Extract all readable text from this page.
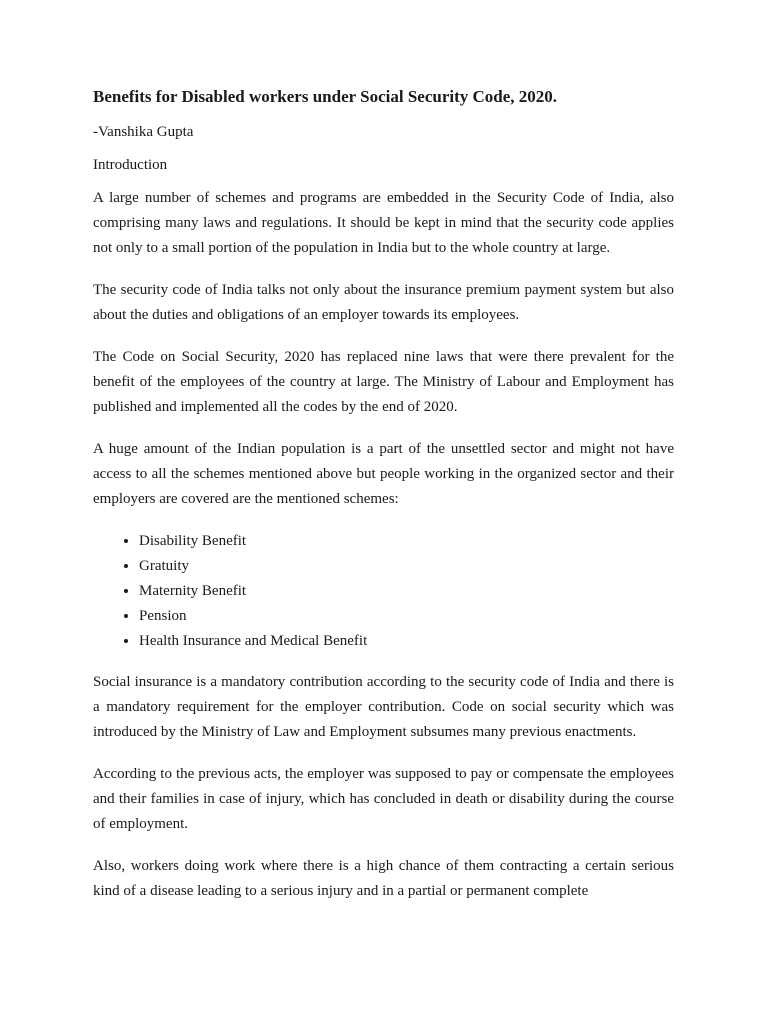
Benefits for Disabled workers under Social Security Code, 2020.
-Vanshika Gupta
Introduction

A large number of schemes and programs are embedded in the Security Code of India, also comprising many laws and regulations. It should be kept in mind that the security code applies not only to a small portion of the population in India but to the whole country at large.

The security code of India talks not only about the insurance premium payment system but also about the duties and obligations of an employer towards its employees.

The Code on Social Security, 2020 has replaced nine laws that were there prevalent for the benefit of the employees of the country at large. The Ministry of Labour and Employment has published and implemented all the codes by the end of 2020.

A huge amount of the Indian population is a part of the unsettled sector and might not have access to all the schemes mentioned above but people working in the organized sector and their employers are covered are the mentioned schemes:

• Disability Benefit
• Gratuity
• Maternity Benefit
• Pension
• Health Insurance and Medical Benefit

Social insurance is a mandatory contribution according to the security code of India and there is a mandatory requirement for the employer contribution. Code on social security which was introduced by the Ministry of Law and Employment subsumes many previous enactments.

According to the previous acts, the employer was supposed to pay or compensate the employees and their families in case of injury, which has concluded in death or disability during the course of employment.

Also, workers doing work where there is a high chance of them contracting a certain serious kind of a disease leading to a serious injury and in a partial or permanent complete
